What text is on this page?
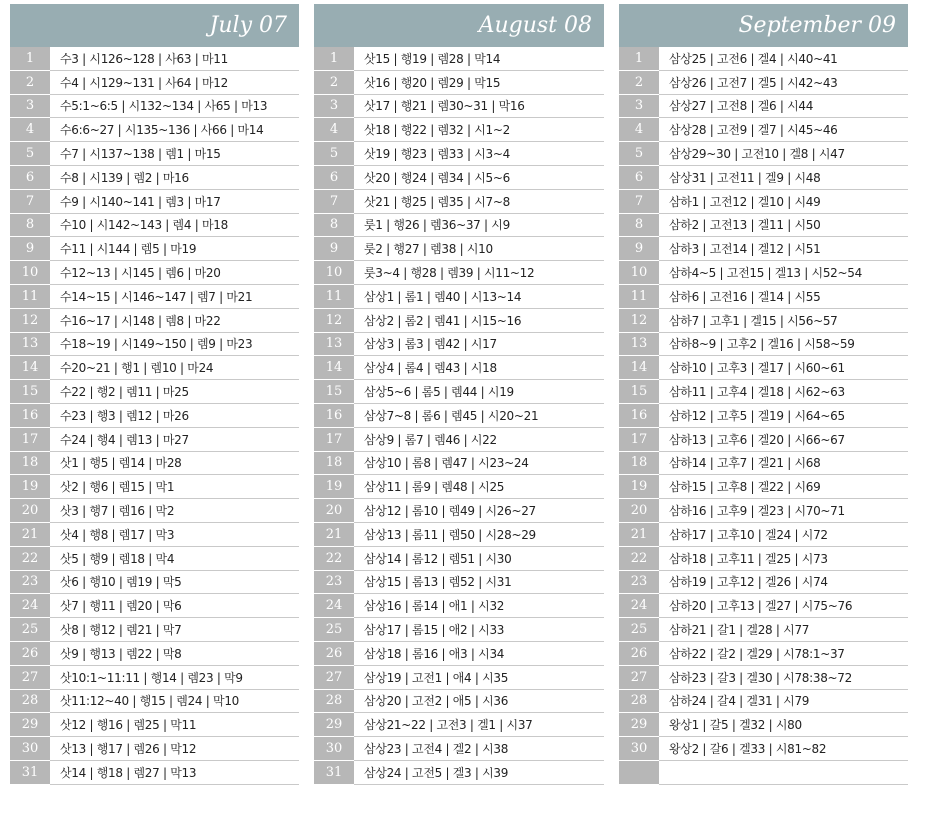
July 07
1	수3 | 시126~128 | 사63 | 마11
2	수4 | 시129~131 | 사64 | 마12
3	수5:1~6:5 | 시132~134 | 사65 | 마13
4	수6:6~27 | 시135~136 | 사66 | 마14
5	수7 | 시137~138 | 렘1 | 마15
6	수8 | 시139 | 렘2 | 마16
7	수9 | 시140~141 | 렘3 | 마17
8	수10 | 시142~143 | 렘4 | 마18
9	수11 | 시144 | 렘5 | 마19
10	수12~13 | 시145 | 렘6 | 마20
11	수14~15 | 시146~147 | 렘7 | 마21
12	수16~17 | 시148 | 렘8 | 마22
13	수18~19 | 시149~150 | 렘9 | 마23
14	수20~21 | 행1 | 렘10 | 마24
15	수22 | 행2 | 렘11 | 마25
16	수23 | 행3 | 렘12 | 마26
17	수24 | 행4 | 렘13 | 마27
18	삿1 | 행5 | 렘14 | 마28
19	삿2 | 행6 | 렘15 | 막1
20	삿3 | 행7 | 렘16 | 막2
21	삿4 | 행8 | 렘17 | 막3
22	삿5 | 행9 | 렘18 | 막4
23	삿6 | 행10 | 렘19 | 막5
24	삿7 | 행11 | 렘20 | 막6
25	삿8 | 행12 | 렘21 | 막7
26	삿9 | 행13 | 렘22 | 막8
27	삿10:1~11:11 | 행14 | 렘23 | 막9
28	삿11:12~40 | 행15 | 렘24 | 막10
29	삿12 | 행16 | 렘25 | 막11
30	삿13 | 행17 | 렘26 | 막12
31	삿14 | 행18 | 렘27 | 막13
August 08
1	삿15 | 행19 | 렘28 | 막14
2	삿16 | 행20 | 렘29 | 막15
3	삿17 | 행21 | 렘30~31 | 막16
4	삿18 | 행22 | 렘32 | 시1~2
5	삿19 | 행23 | 렘33 | 시3~4
6	삿20 | 행24 | 렘34 | 시5~6
7	삿21 | 행25 | 렘35 | 시7~8
8	룻1 | 행26 | 렘36~37 | 시9
9	룻2 | 행27 | 렘38 | 시10
10	룻3~4 | 행28 | 렘39 | 시11~12
11	삼상1 | 롬1 | 렘40 | 시13~14
12	삼상2 | 롬2 | 렘41 | 시15~16
13	삼상3 | 롬3 | 렘42 | 시17
14	삼상4 | 롬4 | 렘43 | 시18
15	삼상5~6 | 롬5 | 렘44 | 시19
16	삼상7~8 | 롬6 | 렘45 | 시20~21
17	삼상9 | 롬7 | 렘46 | 시22
18	삼상10 | 롬8 | 렘47 | 시23~24
19	삼상11 | 롬9 | 렘48 | 시25
20	삼상12 | 롬10 | 렘49 | 시26~27
21	삼상13 | 롬11 | 렘50 | 시28~29
22	삼상14 | 롬12 | 렘51 | 시30
23	삼상15 | 롬13 | 렘52 | 시31
24	삼상16 | 롬14 | 애1 | 시32
25	삼상17 | 롬15 | 애2 | 시33
26	삼상18 | 롬16 | 애3 | 시34
27	삼상19 | 고전1 | 애4 | 시35
28	삼상20 | 고전2 | 애5 | 시36
29	삼상21~22 | 고전3 | 겔1 | 시37
30	삼상23 | 고전4 | 겔2 | 시38
31	삼상24 | 고전5 | 겔3 | 시39
September 09
1	삼상25 | 고전6 | 겔4 | 시40~41
2	삼상26 | 고전7 | 겔5 | 시42~43
3	삼상27 | 고전8 | 겔6 | 시44
4	삼상28 | 고전9 | 겔7 | 시45~46
5	삼상29~30 | 고전10 | 겔8 | 시47
6	삼상31 | 고전11 | 겔9 | 시48
7	삼하1 | 고전12 | 겔10 | 시49
8	삼하2 | 고전13 | 겔11 | 시50
9	삼하3 | 고전14 | 겔12 | 시51
10	삼하4~5 | 고전15 | 겔13 | 시52~54
11	삼하6 | 고전16 | 겔14 | 시55
12	삼하7 | 고후1 | 겔15 | 시56~57
13	삼하8~9 | 고후2 | 겔16 | 시58~59
14	삼하10 | 고후3 | 겔17 | 시60~61
15	삼하11 | 고후4 | 겔18 | 시62~63
16	삼하12 | 고후5 | 겔19 | 시64~65
17	삼하13 | 고후6 | 겔20 | 시66~67
18	삼하14 | 고후7 | 겔21 | 시68
19	삼하15 | 고후8 | 겔22 | 시69
20	삼하16 | 고후9 | 겔23 | 시70~71
21	삼하17 | 고후10 | 겔24 | 시72
22	삼하18 | 고후11 | 겔25 | 시73
23	삼하19 | 고후12 | 겔26 | 시74
24	삼하20 | 고후13 | 겔27 | 시75~76
25	삼하21 | 갈1 | 겔28 | 시77
26	삼하22 | 갈2 | 겔29 | 시78:1~37
27	삼하23 | 갈3 | 겔30 | 시78:38~72
28	삼하24 | 갈4 | 겔31 | 시79
29	왕상1 | 갈5 | 겔32 | 시80
30	왕상2 | 갈6 | 겔33 | 시81~82
